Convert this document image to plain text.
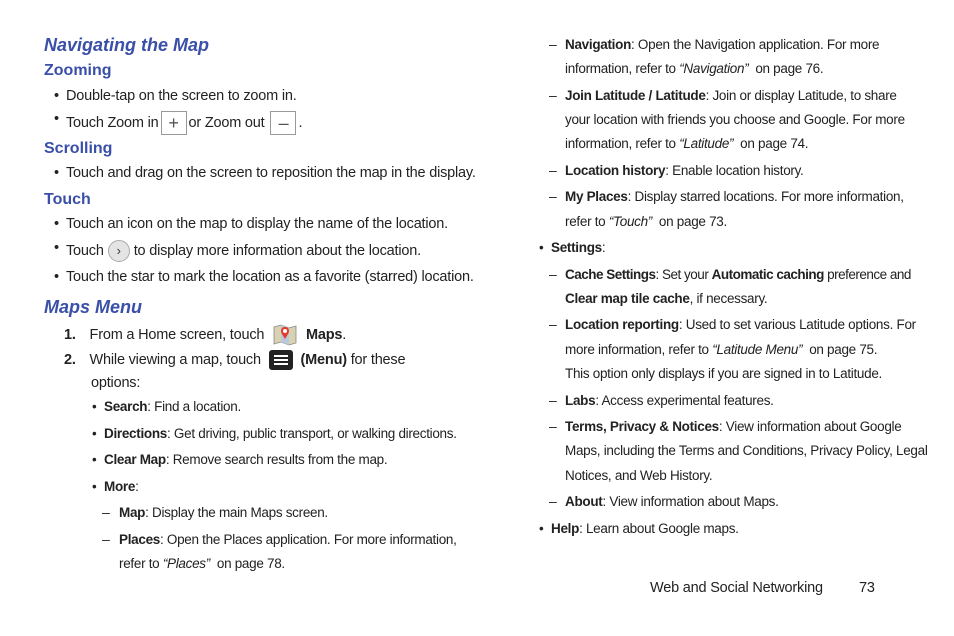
Navigating the Map
Zooming
• Double-tap on the screen to zoom in.
• Touch Zoom in + or Zoom out – .
Scrolling
• Touch and drag on the screen to reposition the map in the display.
Touch
• Touch an icon on the map to display the name of the location.
• Touch › to display more information about the location.
• Touch the star to mark the location as a favorite (starred) location.
Maps Menu
1. From a Home screen, touch	Maps.
2. While viewing a map, touch	(Menu) for these
options:
• Search: Find a location.
• Directions: Get driving, public transport, or walking directions.
• Clear Map: Remove search results from the map.
• More:
– Map: Display the main Maps screen.
– Places: Open the Places application. For more information,
refer to “Places” on page 78.
– Navigation: Open the Navigation application. For more
information, refer to “Navigation” on page 76.
– Join Latitude / Latitude: Join or display Latitude, to share
your location with friends you choose and Google. For more
information, refer to “Latitude” on page 74.
– Location history: Enable location history.
– My Places: Display starred locations. For more information,
refer to “Touch” on page 73.
• Settings:
– Cache Settings: Set your Automatic caching preference and
Clear map tile cache, if necessary.
– Location reporting: Used to set various Latitude options. For
more information, refer to “Latitude Menu” on page 75.
This option only displays if you are signed in to Latitude.
– Labs: Access experimental features.
– Terms, Privacy & Notices: View information about Google
Maps, including the Terms and Conditions, Privacy Policy, Legal
Notices, and Web History.
– About: View information about Maps.
• Help: Learn about Google maps.
Web and Social Networking 73
